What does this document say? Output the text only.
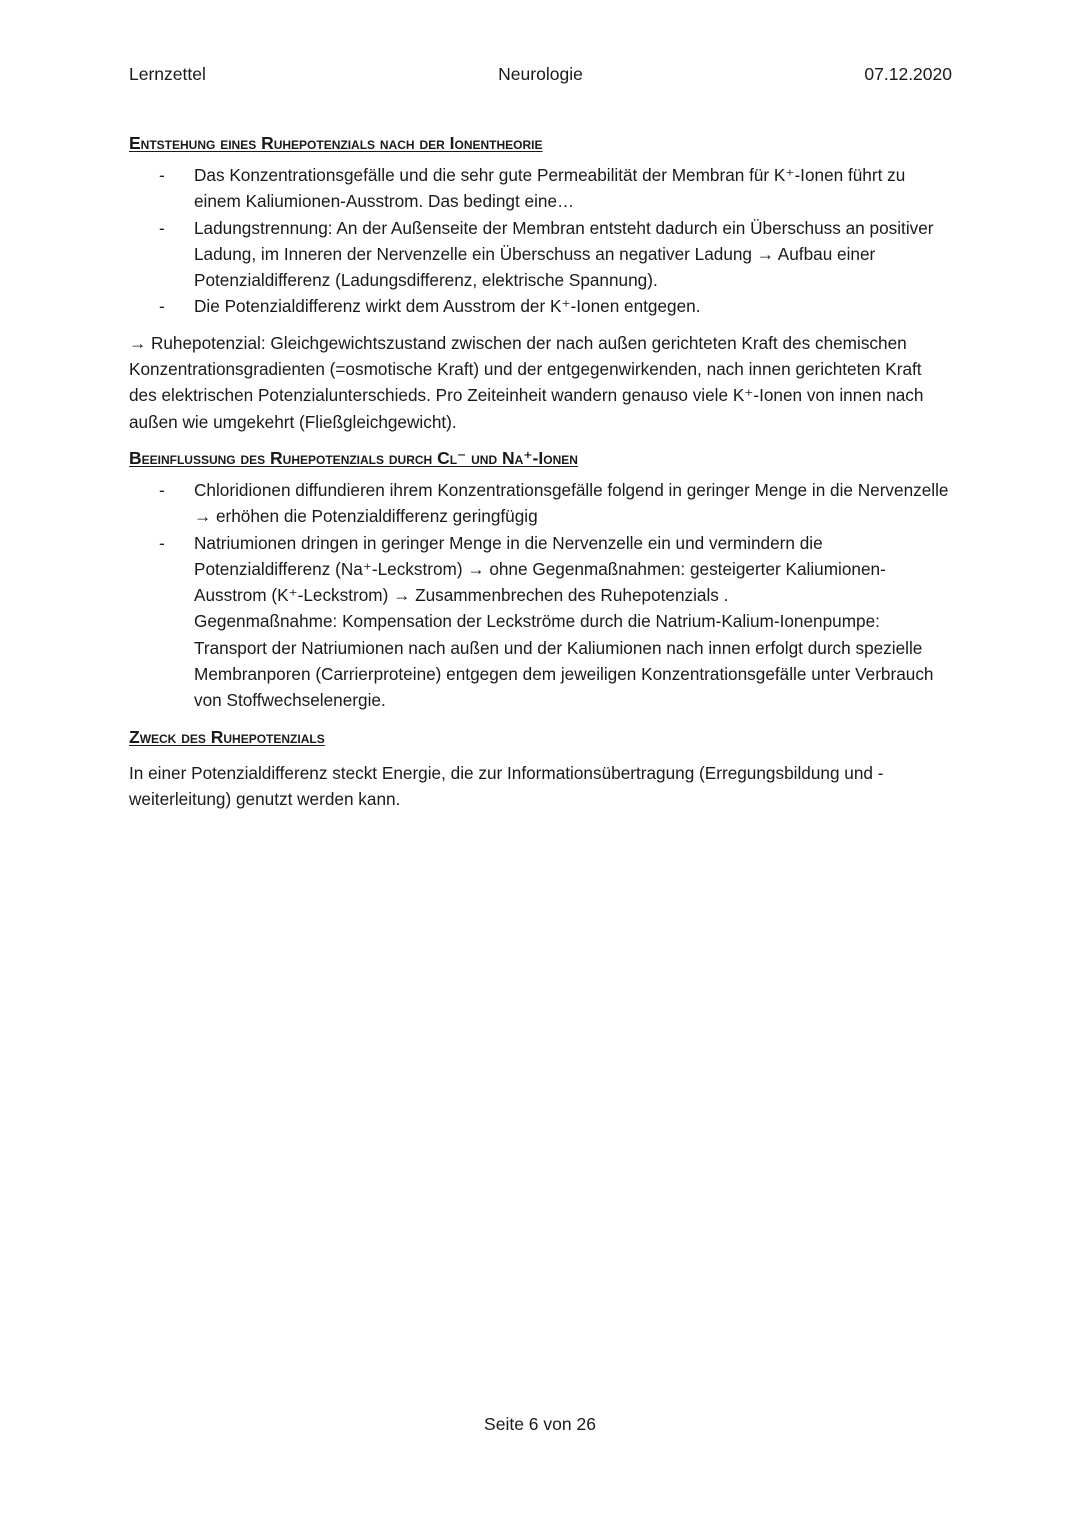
Lernzettel	Neurologie	07.12.2020
Entstehung eines Ruhepotenzials nach der Ionentheorie
- Das Konzentrationsgefälle und die sehr gute Permeabilität der Membran für K⁺-Ionen führt zu einem Kaliumionen-Ausstrom. Das bedingt eine…
- Ladungstrennung: An der Außenseite der Membran entsteht dadurch ein Überschuss an positiver Ladung, im Inneren der Nervenzelle ein Überschuss an negativer Ladung → Aufbau einer Potenzialdifferenz (Ladungsdifferenz, elektrische Spannung).
- Die Potenzialdifferenz wirkt dem Ausstrom der K⁺-Ionen entgegen.

→ Ruhepotenzial: Gleichgewichtszustand zwischen der nach außen gerichteten Kraft des chemischen Konzentrationsgradienten (=osmotische Kraft) und der entgegenwirkenden, nach innen gerichteten Kraft des elektrischen Potenzialunterschieds. Pro Zeiteinheit wandern genauso viele K⁺-Ionen von innen nach außen wie umgekehrt (Fließgleichgewicht).

Beeinflussung des Ruhepotenzials durch Cl⁻ und Na⁺-Ionen
- Chloridionen diffundieren ihrem Konzentrationsgefälle folgend in geringer Menge in die Nervenzelle → erhöhen die Potenzialdifferenz geringfügig
- Natriumionen dringen in geringer Menge in die Nervenzelle ein und vermindern die Potenzialdifferenz (Na⁺-Leckstrom) → ohne Gegenmaßnahmen: gesteigerter Kaliumionen-Ausstrom (K⁺-Leckstrom) → Zusammenbrechen des Ruhepotenzials .
Gegenmaßnahme: Kompensation der Leckströme durch die Natrium-Kalium-Ionenpumpe: Transport der Natriumionen nach außen und der Kaliumionen nach innen erfolgt durch spezielle Membranporen (Carrierproteine) entgegen dem jeweiligen Konzentrationsgefälle unter Verbrauch von Stoffwechselenergie.
Zweck des Ruhepotenzials

In einer Potenzialdifferenz steckt Energie, die zur Informationsübertragung (Erregungsbildung und -weiterleitung) genutzt werden kann.

Seite 6 von 26
